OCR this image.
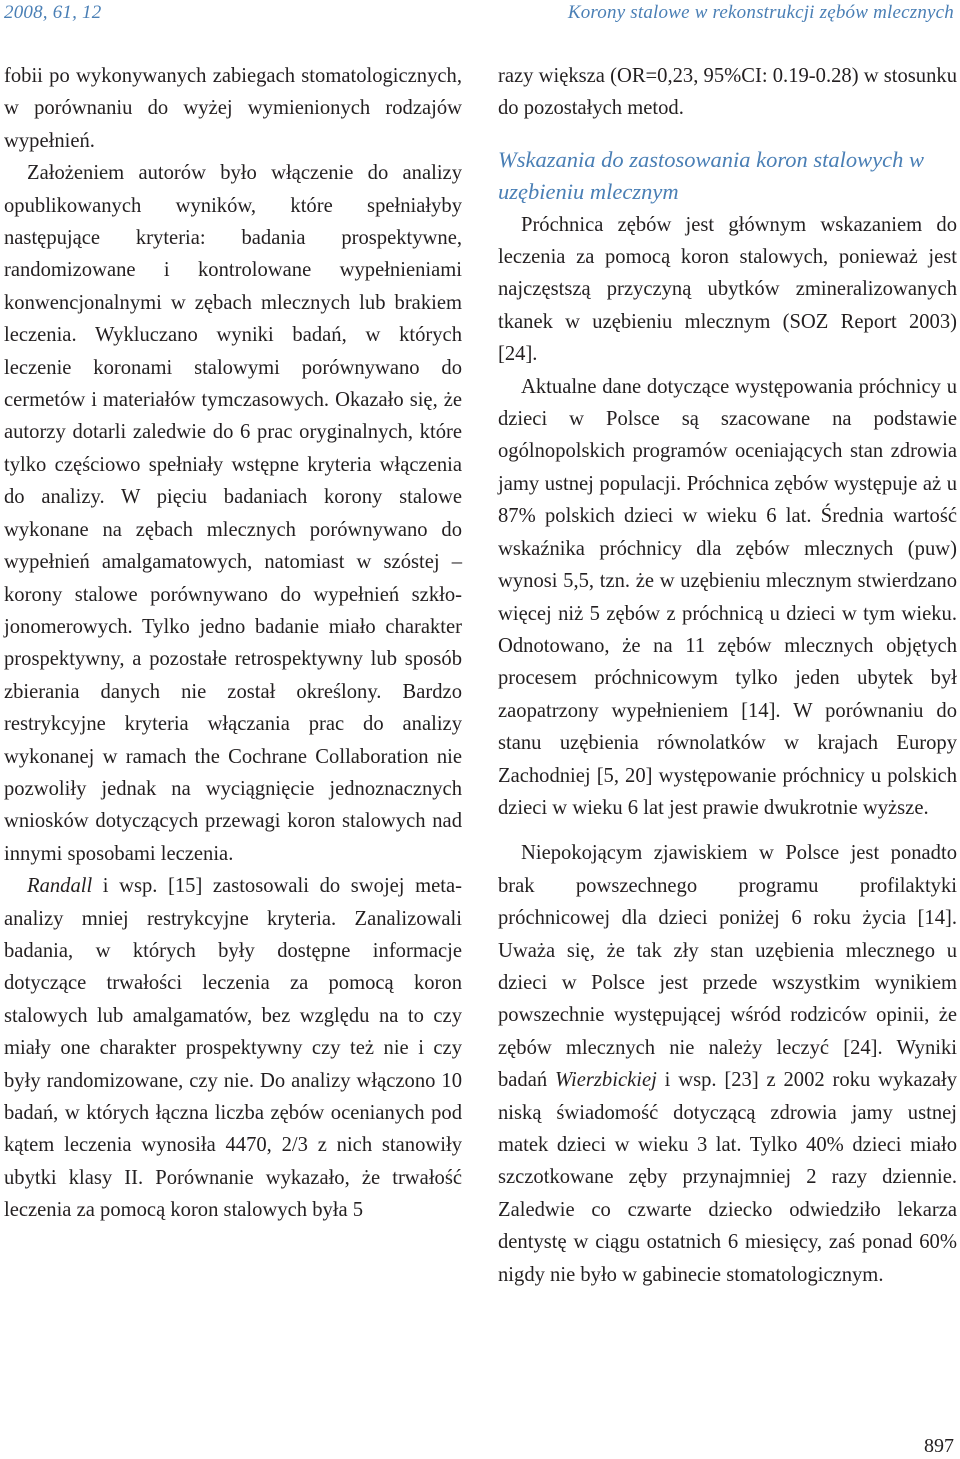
2008, 61, 12	Korony stalowe w rekonstrukcji zębów mlecznych

fobii po wykonywanych zabiegach stomatologicznych, w porównaniu do wyżej wymienionych rodzajów wypełnień.

Założeniem autorów było włączenie do analizy opublikowanych wyników, które spełniałyby następujące kryteria: badania prospektywne, randomizowane i kontrolowane wypełnieniami konwencjonalnymi w zębach mlecznych lub brakiem leczenia. Wykluczano wyniki badań, w których leczenie koronami stalowymi porównywano do cermetów i materiałów tymczasowych. Okazało się, że autorzy dotarli zaledwie do 6 prac oryginalnych, które tylko częściowo spełniały wstępne kryteria włączenia do analizy. W pięciu badaniach korony stalowe wykonane na zębach mlecznych porównywano do wypełnień amalgamatowych, natomiast w szóstej – korony stalowe porównywano do wypełnień szkło-jonomerowych. Tylko jedno badanie miało charakter prospektywny, a pozostałe retrospektywny lub sposób zbierania danych nie został określony. Bardzo restrykcyjne kryteria włączania prac do analizy wykonanej w ramach the Cochrane Collaboration nie pozwoliły jednak na wyciągnięcie jednoznacznych wniosków dotyczących przewagi koron stalowych nad innymi sposobami leczenia.

Randall i wsp. [15] zastosowali do swojej meta-analizy mniej restrykcyjne kryteria. Zanalizowali badania, w których były dostępne informacje dotyczące trwałości leczenia za pomocą koron stalowych lub amalgamatów, bez względu na to czy miały one charakter prospektywny czy też nie i czy były randomizowane, czy nie. Do analizy włączono 10 badań, w których łączna liczba zębów ocenianych pod kątem leczenia wynosiła 4470, 2/3 z nich stanowiły ubytki klasy II. Porównanie wykazało, że trwałość leczenia za pomocą koron stalowych była 5

razy większa (OR=0,23, 95%CI: 0.19-0.28) w stosunku do pozostałych metod.

Wskazania do zastosowania koron stalowych w uzębieniu mlecznym

Próchnica zębów jest głównym wskazaniem do leczenia za pomocą koron stalowych, ponieważ jest najczęstszą przyczyną ubytków zmineralizowanych tkanek w uzębieniu mlecznym (SOZ Report 2003) [24].

Aktualne dane dotyczące występowania próchnicy u dzieci w Polsce są szacowane na podstawie ogólnopolskich programów oceniających stan zdrowia jamy ustnej populacji. Próchnica zębów występuje aż u 87% polskich dzieci w wieku 6 lat. Średnia wartość wskaźnika próchnicy dla zębów mlecznych (puw) wynosi 5,5, tzn. że w uzębieniu mlecznym stwierdzano więcej niż 5 zębów z próchnicą u dzieci w tym wieku. Odnotowano, że na 11 zębów mlecznych objętych procesem próchnicowym tylko jeden ubytek był zaopatrzony wypełnieniem [14]. W porównaniu do stanu uzębienia równolatków w krajach Europy Zachodniej [5, 20] występowanie próchnicy u polskich dzieci w wieku 6 lat jest prawie dwukrotnie wyższe.

Niepokojącym zjawiskiem w Polsce jest ponadto brak powszechnego programu profilaktyki próchnicowej dla dzieci poniżej 6 roku życia [14]. Uważa się, że tak zły stan uzębienia mlecznego u dzieci w Polsce jest przede wszystkim wynikiem powszechnie występującej wśród rodziców opinii, że zębów mlecznych nie należy leczyć [24]. Wyniki badań Wierzbickiej i wsp. [23] z 2002 roku wykazały niską świadomość dotyczącą zdrowia jamy ustnej matek dzieci w wieku 3 lat. Tylko 40% dzieci miało szczotkowane zęby przynajmniej 2 razy dziennie. Zaledwie co czwarte dziecko odwiedziło lekarza dentystę w ciągu ostatnich 6 miesięcy, zaś ponad 60% nigdy nie było w gabinecie stomatologicznym.

897
